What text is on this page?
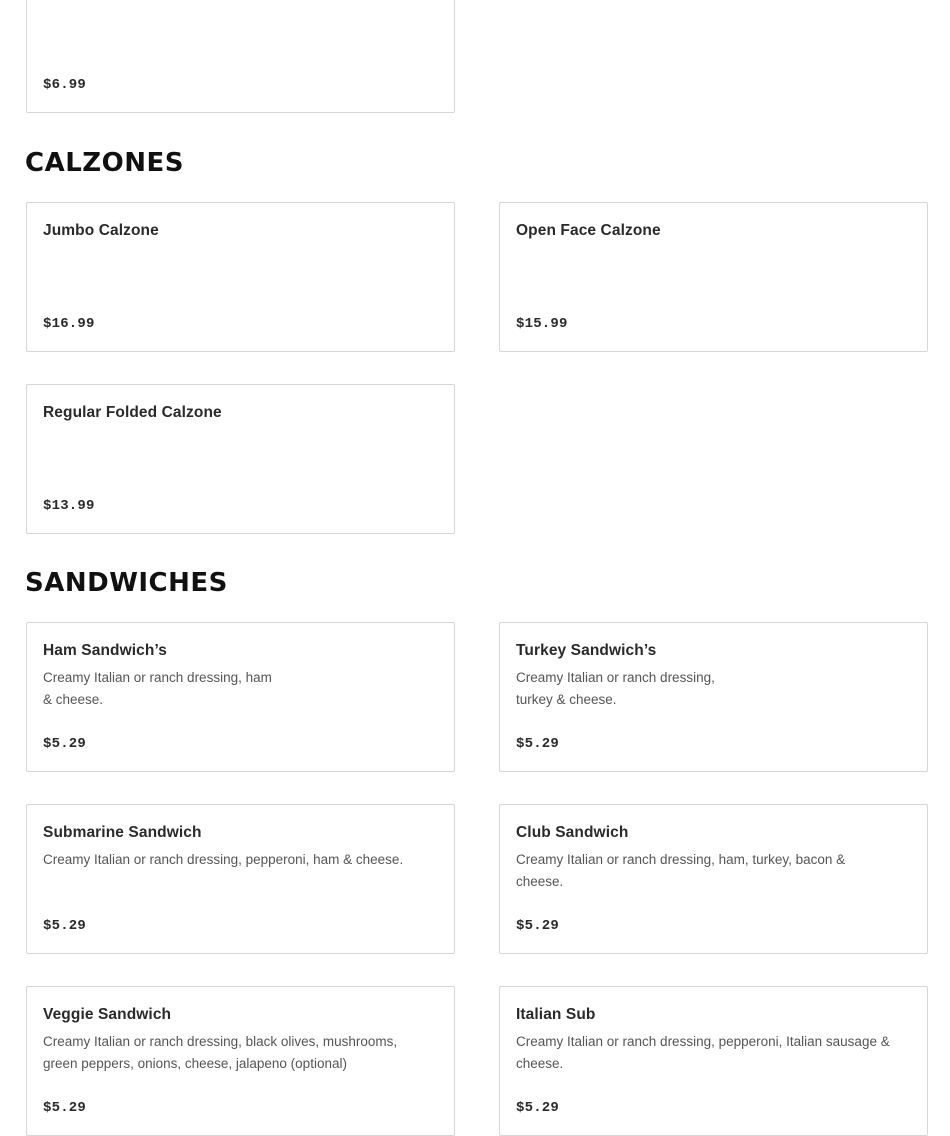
$6.99
CALZONES
Jumbo Calzone
$16.99
Open Face Calzone
$15.99
Regular Folded Calzone
$13.99
SANDWICHES
Ham Sandwich’s
Creamy Italian or ranch dressing, ham
& cheese.
$5.29
Turkey Sandwich’s
Creamy Italian or ranch dressing,
turkey & cheese.
$5.29
Submarine Sandwich
Creamy Italian or ranch dressing, pepperoni, ham & cheese.
$5.29
Club Sandwich
Creamy Italian or ranch dressing, ham, turkey, bacon &
cheese.
$5.29
Veggie Sandwich
Creamy Italian or ranch dressing, black olives, mushrooms,
green peppers, onions, cheese, jalapeno (optional)
$5.29
Italian Sub
Creamy Italian or ranch dressing, pepperoni, Italian sausage &
cheese.
$5.29
